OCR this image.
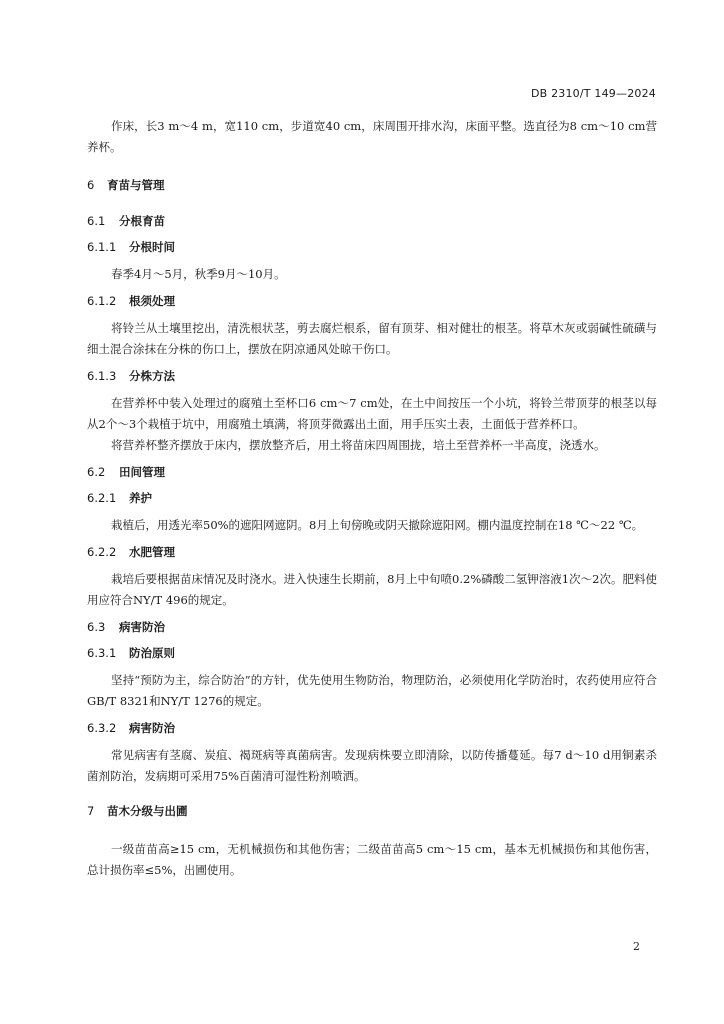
DB 2310/T 149—2024

作床，长3 m～4 m，宽110 cm，步道宽40 cm，床周围开排水沟，床面平整。选直径为8 cm～10 cm营养杯。

6 育苗与管理
6.1 分根育苗
6.1.1 分根时间

春季4月～5月，秋季9月～10月。

6.1.2 根须处理

将铃兰从土壤里挖出，清洗根状茎，剪去腐烂根系，留有顶芽、相对健壮的根茎。将草木灰或弱碱性硫磺与细土混合涂抹在分株的伤口上，摆放在阴凉通风处晾干伤口。

6.1.3 分株方法

在营养杯中装入处理过的腐殖土至杯口6 cm～7 cm处，在土中间按压一个小坑，将铃兰带顶芽的根茎以每从2个～3个栽植于坑中，用腐殖土填满，将顶芽微露出土面，用手压实土表，土面低于营养杯口。

将营养杯整齐摆放于床内，摆放整齐后，用土将苗床四周围拢，培土至营养杯一半高度，浇透水。

6.2 田间管理
6.2.1 养护

栽植后，用透光率50%的遮阳网遮阴。8月上旬傍晚或阴天撤除遮阳网。棚内温度控制在18 ℃～22 ℃。

6.2.2 水肥管理

栽培后要根据苗床情况及时浇水。进入快速生长期前，8月上中旬喷0.2%磷酸二氢钾溶液1次～2次。肥料使用应符合NY/T 496的规定。

6.3 病害防治
6.3.1 防治原则

坚持“预防为主，综合防治”的方针，优先使用生物防治，物理防治，必须使用化学防治时，农药使用应符合GB/T 8321和NY/T 1276的规定。

6.3.2 病害防治

常见病害有茎腐、炭疽、褐斑病等真菌病害。发现病株要立即清除，以防传播蔓延。每7 d～10 d用铜素杀菌剂防治，发病期可采用75%百菌清可湿性粉剂喷洒。

7 苗木分级与出圃

一级苗苗高≥15 cm，无机械损伤和其他伤害；二级苗苗高5 cm～15 cm，基本无机械损伤和其他伤害，总计损伤率≤5%，出圃使用。

2
